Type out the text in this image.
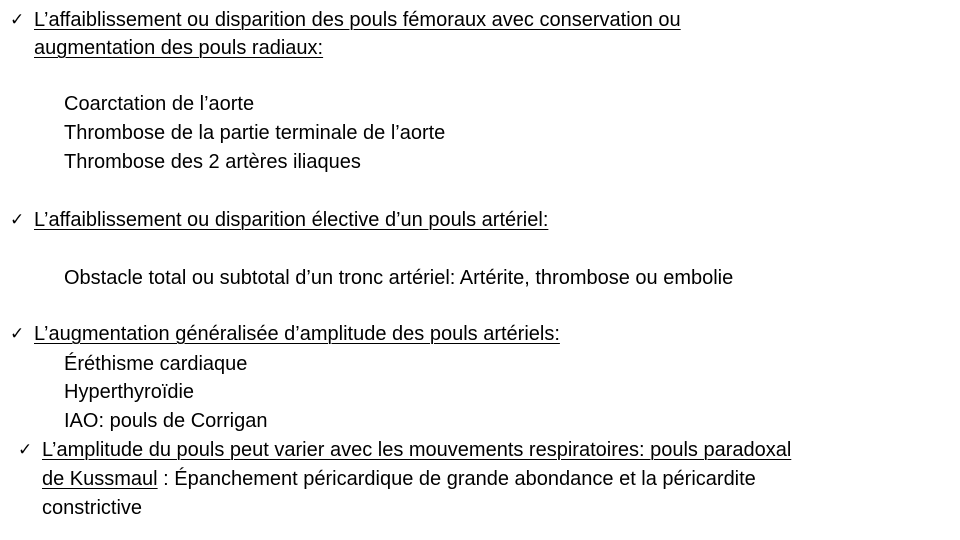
✓ L’affaiblissement ou disparition des pouls fémoraux avec conservation ou
augmentation des pouls radiaux:
Coarctation de l’aorte
Thrombose de la partie terminale de l’aorte
Thrombose des 2 artères iliaques
✓ L’affaiblissement ou disparition élective d’un pouls artériel:
Obstacle total ou subtotal d’un tronc artériel: Artérite, thrombose ou embolie
✓ L’augmentation généralisée d’amplitude des pouls artériels:
Éréthisme cardiaque
Hyperthyroïdie
IAO: pouls de Corrigan
✓ L’amplitude du pouls peut varier avec les mouvements respiratoires: pouls paradoxal
de Kussmaul : Épanchement péricardique de grande abondance et la péricardite
constrictive
